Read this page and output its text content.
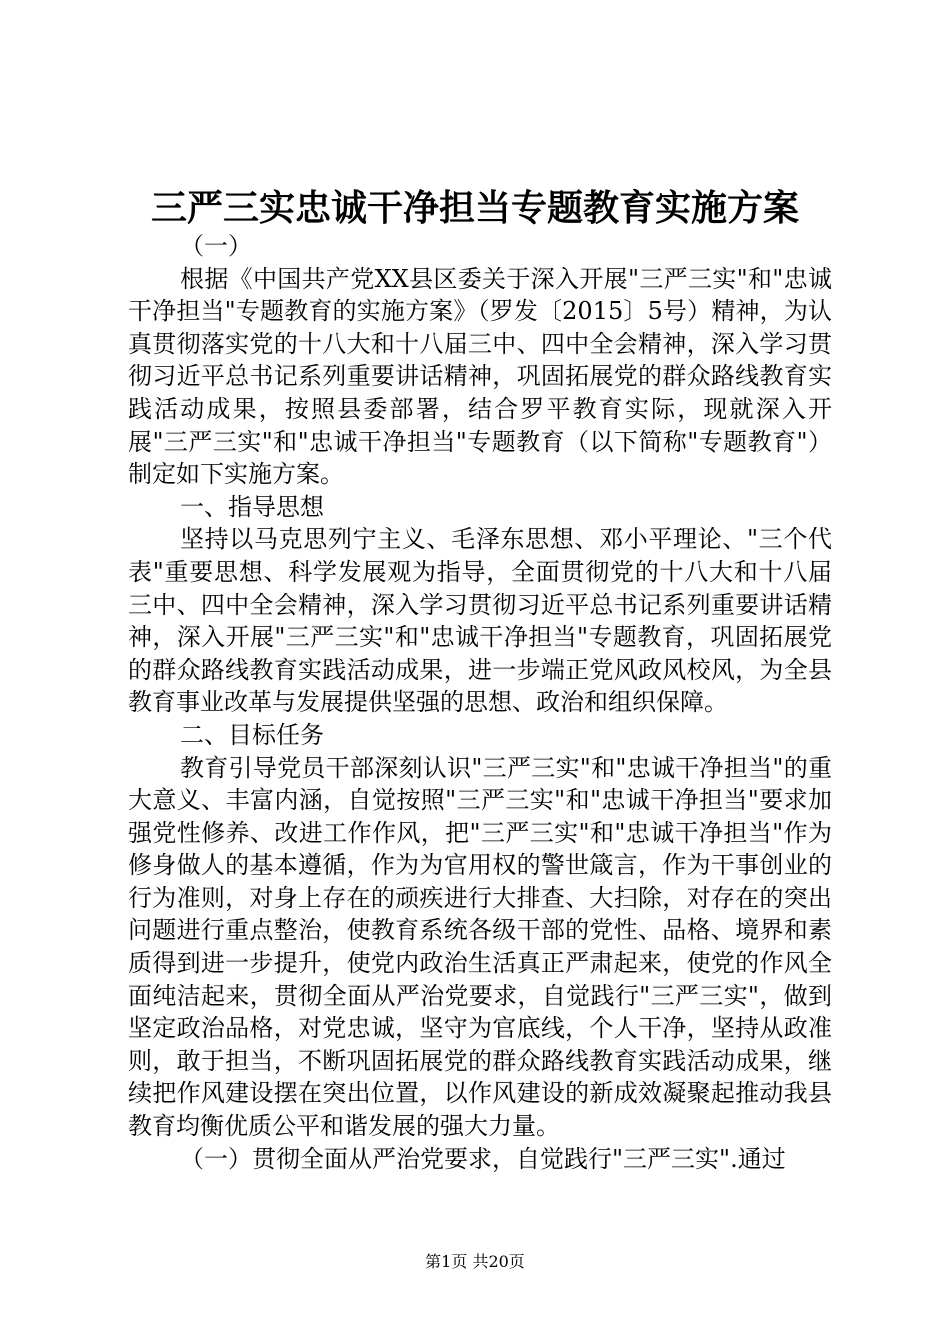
三严三实忠诚干净担当专题教育实施方案

（一）

根据《中国共产党XX县区委关于深入开展"三严三实"和"忠诚干净担当"专题教育的实施方案》（罗发〔2015〕5号）精神，为认真贯彻落实党的十八大和十八届三中、四中全会精神，深入学习贯彻习近平总书记系列重要讲话精神，巩固拓展党的群众路线教育实践活动成果，按照县委部署，结合罗平教育实际，现就深入开展"三严三实"和"忠诚干净担当"专题教育（以下简称"专题教育"）制定如下实施方案。

一、指导思想

坚持以马克思列宁主义、毛泽东思想、邓小平理论、"三个代表"重要思想、科学发展观为指导，全面贯彻党的十八大和十八届三中、四中全会精神，深入学习贯彻习近平总书记系列重要讲话精神，深入开展"三严三实"和"忠诚干净担当"专题教育，巩固拓展党的群众路线教育实践活动成果，进一步端正党风政风校风，为全县教育事业改革与发展提供坚强的思想、政治和组织保障。

二、目标任务

教育引导党员干部深刻认识"三严三实"和"忠诚干净担当"的重大意义、丰富内涵，自觉按照"三严三实"和"忠诚干净担当"要求加强党性修养、改进工作作风，把"三严三实"和"忠诚干净担当"作为修身做人的基本遵循，作为为官用权的警世箴言，作为干事创业的行为准则，对身上存在的顽疾进行大排查、大扫除，对存在的突出问题进行重点整治，使教育系统各级干部的党性、品格、境界和素质得到进一步提升，使党内政治生活真正严肃起来，使党的作风全面纯洁起来，贯彻全面从严治党要求，自觉践行"三严三实"，做到坚定政治品格，对党忠诚，坚守为官底线，个人干净，坚持从政准则，敢于担当，不断巩固拓展党的群众路线教育实践活动成果，继续把作风建设摆在突出位置，以作风建设的新成效凝聚起推动我县教育均衡优质公平和谐发展的强大力量。

（一）贯彻全面从严治党要求，自觉践行"三严三实".通过

第1页 共20页
